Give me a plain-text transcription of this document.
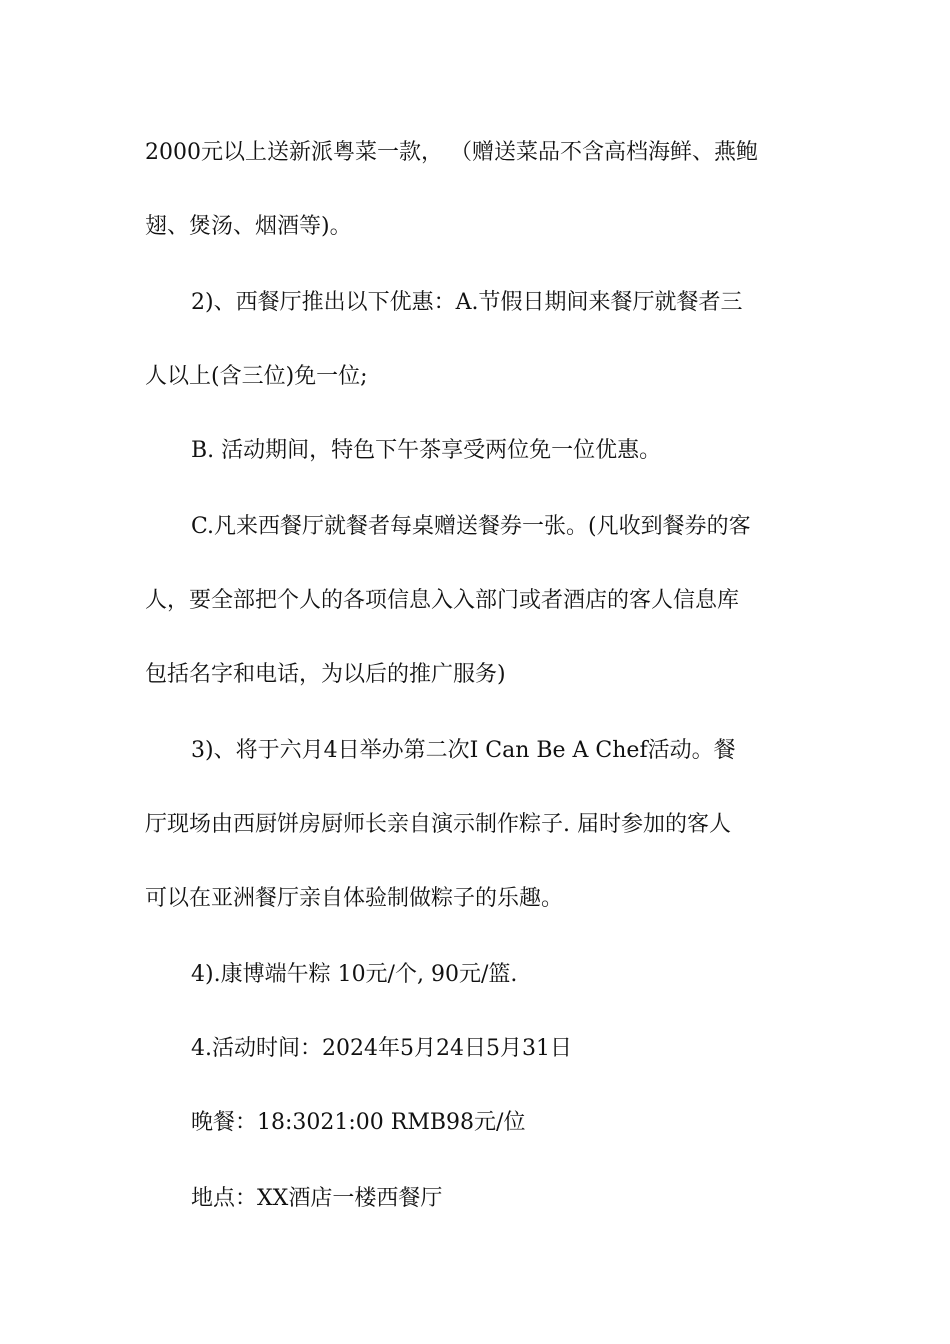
2000元以上送新派粤菜一款， （赠送菜品不含高档海鲜、燕鲍
翅、煲汤、烟酒等)。
2)、西餐厅推出以下优惠：A.节假日期间来餐厅就餐者三
人以上(含三位)免一位;
B. 活动期间，特色下午茶享受两位免一位优惠。
C.凡来西餐厅就餐者每桌赠送餐券一张。(凡收到餐券的客
人，要全部把个人的各项信息入入部门或者酒店的客人信息库
包括名字和电话，为以后的推广服务)
3)、将于六月4日举办第二次I Can Be A Chef活动。餐
厅现场由西厨饼房厨师长亲自演示制作粽子. 届时参加的客人
可以在亚洲餐厅亲自体验制做粽子的乐趣。
4).康博端午粽 10元/个, 90元/篮.
4.活动时间：2024年5月24日5月31日
晚餐：18:3021:00 RMB98元/位
地点：XX酒店一楼西餐厅
